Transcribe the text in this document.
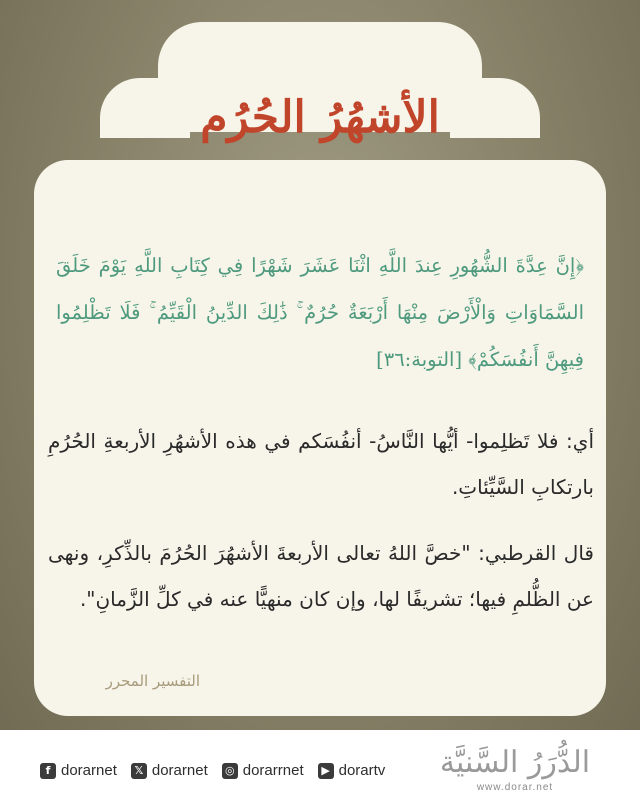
الأشهُرُ الحُرُم
﴿إِنَّ عِدَّةَ الشُّهُورِ عِندَ اللَّهِ اثْنَا عَشَرَ شَهْرًا فِي كِتَابِ اللَّهِ يَوْمَ خَلَقَ السَّمَاوَاتِ وَالْأَرْضَ مِنْهَا أَرْبَعَةٌ حُرُمٌ ۚ ذَٰلِكَ الدِّينُ الْقَيِّمُ ۚ فَلَا تَظْلِمُوا فِيهِنَّ أَنفُسَكُمْ﴾ [التوبة:٣٦]
أي: فلا تَظلِموا- أيُّها النَّاسُ- أنفُسَكم في هذه الأشهُرِ الأربعةِ الحُرُمِ بارتكابِ السَّيِّئاتِ.
قال القرطبي: "خصَّ اللهُ تعالى الأربعةَ الأشهُرَ الحُرُمَ بالذِّكرِ، ونهى عن الظُّلمِ فيها؛ تشريفًا لها، وإن كان منهيًّا عنه في كلِّ الزَّمانِ".
التفسير المحرر
f dorarnet	𝕏 dorarnet ◎ dorarrnet	▶ dorartv	الدُّرَرُ السَّنيَّة
www.dorar.net
